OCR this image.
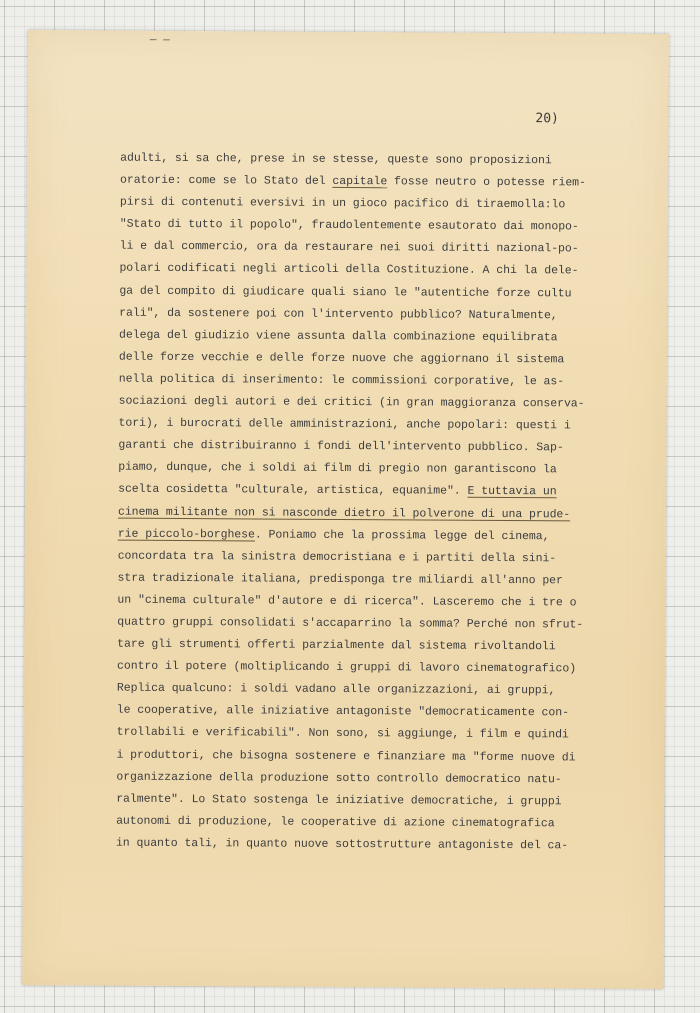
– –
20)
adulti, si sa che, prese in se stesse, queste sono proposizioni
oratorie: come se lo Stato del capitale fosse neutro o potesse riem-
pirsi di contenuti eversivi in un gioco pacifico di tiraemolla:lo
"Stato di tutto il popolo", fraudolentemente esautorato dai monopo-
li e dal commercio, ora da restaurare nei suoi diritti nazional-po-
polari codificati negli articoli della Costituzione. A chi la dele-
ga del compito di giudicare quali siano le "autentiche forze cultu
rali", da sostenere poi con l'intervento pubblico? Naturalmente,
delega del giudizio viene assunta dalla combinazione equilibrata
delle forze vecchie e delle forze nuove che aggiornano il sistema
nella politica di inserimento: le commissioni corporative, le as-
sociazioni degli autori e dei critici (in gran maggioranza conserva-
tori), i burocrati delle amministrazioni, anche popolari: questi i
garanti che distribuiranno i fondi dell'intervento pubblico. Sap-
piamo, dunque, che i soldi ai film di pregio non garantiscono la
scelta cosidetta "culturale, artistica, equanime". E tuttavia un
cinema militante non si nasconde dietro il polverone di una prude-
rie piccolo-borghese. Poniamo che la prossima legge del cinema,
concordata tra la sinistra democristiana e i partiti della sini-
stra tradizionale italiana, predisponga tre miliardi all'anno per
un "cinema culturale" d'autore e di ricerca". Lasceremo che i tre o
quattro gruppi consolidati s'accaparrino la somma? Perché non sfrut-
tare gli strumenti offerti parzialmente dal sistema rivoltandoli
contro il potere (moltiplicando i gruppi di lavoro cinematografico)
Replica qualcuno: i soldi vadano alle organizzazioni, ai gruppi,
le cooperative, alle iniziative antagoniste "democraticamente con-
trollabili e verificabili". Non sono, si aggiunge, i film e quindi
i produttori, che bisogna sostenere e finanziare ma "forme nuove di
organizzazione della produzione sotto controllo democratico natu-
ralmente". Lo Stato sostenga le iniziative democratiche, i gruppi
autonomi di produzione, le cooperative di azione cinematografica
in quanto tali, in quanto nuove sottostrutture antagoniste del ca-
